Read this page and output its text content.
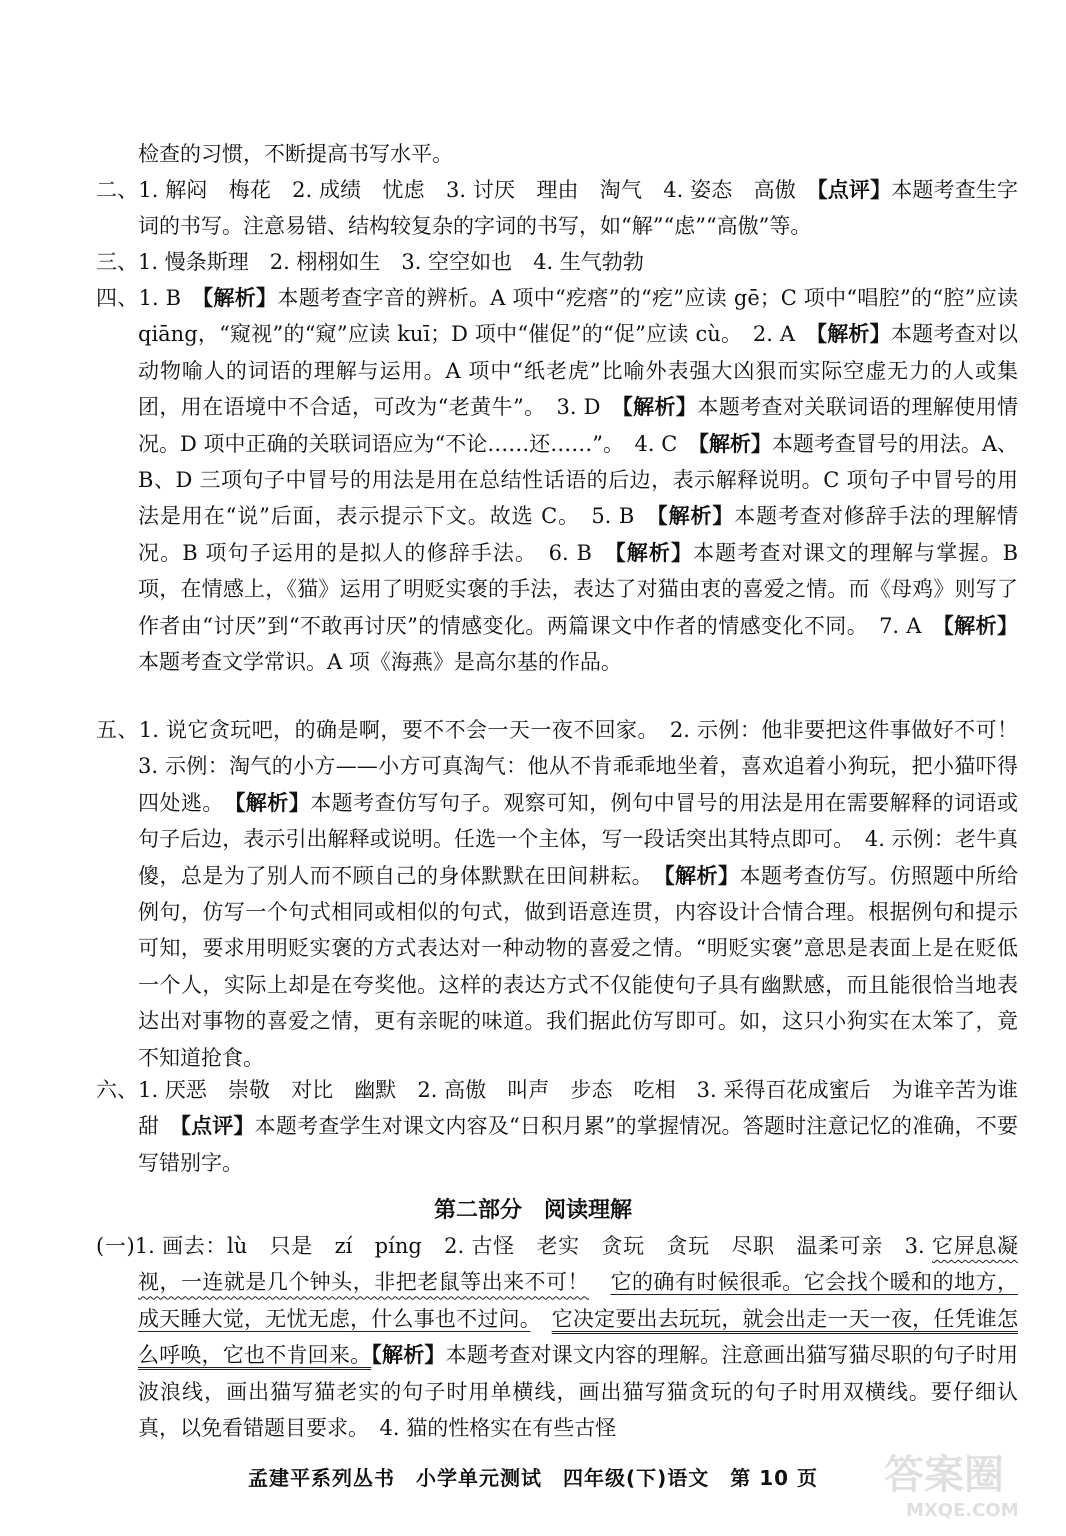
检查的习惯，不断提高书写水平。
二、1. 解闷　梅花　2. 成绩　忧虑　3. 讨厌　理由　淘气　4. 姿态　高傲　【点评】本题考查生字词的书写。注意易错、结构较复杂的字词的书写，如“解”“虑”“高傲”等。
三、1. 慢条斯理　2. 栩栩如生　3. 空空如也　4. 生气勃勃
四、1. B　【解析】本题考查字音的辨析。A 项中“疙瘩”的“疙”应读 gē；C 项中“唱腔”的“腔”应读 qiāng，“窥视”的“窥”应读 kuī；D 项中“催促”的“促”应读 cù。　2. A　【解析】本题考查对以动物喻人的词语的理解与运用。A 项中“纸老虎”比喻外表强大凶狠而实际空虚无力的人或集团，用在语境中不合适，可改为“老黄牛”。　3. D　【解析】本题考查对关联词语的理解使用情况。D 项中正确的关联词语应为“不论……还……”。　4. C　【解析】本题考查冒号的用法。A、B、D 三项句子中冒号的用法是用在总结性话语的后边，表示解释说明。C 项句子中冒号的用法是用在“说”后面，表示提示下文。故选 C。　5. B　【解析】本题考查对修辞手法的理解情况。B 项句子运用的是拟人的修辞手法。　6. B　【解析】本题考查对课文的理解与掌握。B 项，在情感上，《猫》运用了明贬实褒的手法，表达了对猫由衷的喜爱之情。而《母鸡》则写了作者由“讨厌”到“不敢再讨厌”的情感变化。两篇课文中作者的情感变化不同。　7. A　【解析】本题考查文学常识。A 项《海燕》是高尔基的作品。
五、1. 说它贪玩吧，的确是啊，要不不会一天一夜不回家。　2. 示例：他非要把这件事做好不可！　3. 示例：淘气的小方——小方可真淘气：他从不肯乖乖地坐着，喜欢追着小狗玩，把小猫吓得四处逃。　【解析】本题考查仿写句子。观察可知，例句中冒号的用法是用在需要解释的词语或句子后边，表示引出解释或说明。任选一个主体，写一段话突出其特点即可。　4. 示例：老牛真傻，总是为了别人而不顾自己的身体默默在田间耕耘。　【解析】本题考查仿写。仿照题中所给例句，仿写一个句式相同或相似的句式，做到语意连贯，内容设计合情合理。根据例句和提示可知，要求用明贬实褒的方式表达对一种动物的喜爱之情。“明贬实褒”意思是表面上是在贬低一个人，实际上却是在夸奖他。这样的表达方式不仅能使句子具有幽默感，而且能很恰当地表达出对事物的喜爱之情，更有亲昵的味道。我们据此仿写即可。如，这只小狗实在太笨了，竟不知道抢食。
六、1. 厌恶　崇敬　对比　幽默　2. 高傲　叫声　步态　吃相　3. 采得百花成蜜后　为谁辛苦为谁甜　【点评】本题考查学生对课文内容及“日积月累”的掌握情况。答题时注意记忆的准确，不要写错别字。
第二部分　阅读理解
(一)1. 画去：lù　只是　zí　píng　2. 古怪　老实　贪玩　贪玩　尽职　温柔可亲　3. 它屏息凝视，一连就是几个钟头，非把老鼠等出来不可！　 它的确有时候很乖。它会找个暖和的地方，成天睡大觉，无忧无虑，什么事也不过问。　 它决定要出去玩玩，就会出走一天一夜，任凭谁怎么呼唤，它也不肯回来。【解析】本题考查对课文内容的理解。注意画出猫写猫尽职的句子时用波浪线，画出猫写猫老实的句子时用单横线，画出猫写猫贪玩的句子时用双横线。要仔细认真，以免看错题目要求。　4. 猫的性格实在有些古怪
孟建平系列丛书　小学单元测试　四年级(下)语文　第 10 页	答案圈
MXQE.COM
